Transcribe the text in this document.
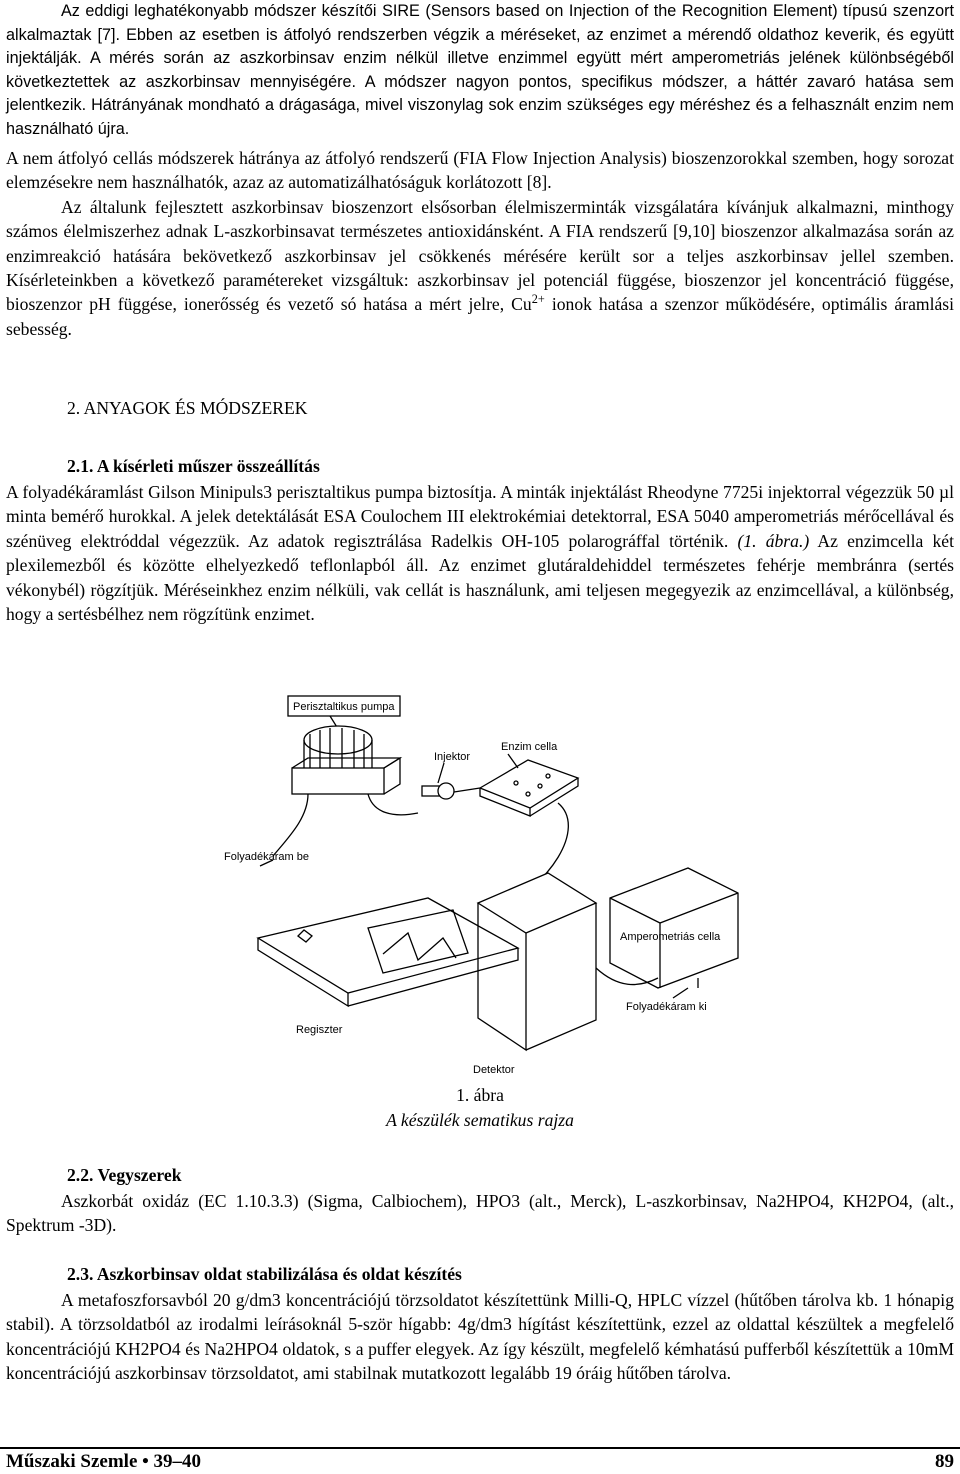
Az eddigi leghatékonyabb módszer készítői SIRE (Sensors based on Injection of the Recognition Element) típusú szenzort alkalmaztak [7]. Ebben az esetben is átfolyó rendszerben végzik a méréseket, az enzimet a mérendő oldathoz keverik, és együtt injektálják. A mérés során az aszkorbinsav enzim nélkül illetve enzimmel együtt mért amperometriás jelének különbségéből következtettek az aszkorbinsav mennyiségére. A módszer nagyon pontos, specifikus módszer, a háttér zavaró hatása sem jelentkezik. Hátrányának mondható a drágasága, mivel viszonylag sok enzim szükséges egy méréshez és a felhasznált enzim nem használható újra.

A nem átfolyó cellás módszerek hátránya az átfolyó rendszerű (FIA Flow Injection Analysis) bioszenzorokkal szemben, hogy sorozat elemzésekre nem használhatók, azaz az automatizálhatóságuk korlátozott [8].

Az általunk fejlesztett aszkorbinsav bioszenzort elsősorban élelmiszerminták vizsgálatára kívánjuk alkalmazni, minthogy számos élelmiszerhez adnak L-aszkorbinsavat természetes antioxidánsként. A FIA rendszerű [9,10] bioszenzor alkalmazása során az enzimreakció hatására bekövetkező aszkorbinsav jel csökkenés mérésére került sor a teljes aszkorbinsav jellel szemben. Kísérleteinkben a következő paramétereket vizsgáltuk: aszkorbinsav jel potenciál függése, bioszenzor jel koncentráció függése, bioszenzor pH függése, ionerősség és vezető só hatása a mért jelre, $Cu^{2+}$ ionok hatása a szenzor működésére, optimális áramlási sebesség.

2. ANYAGOK ÉS MÓDSZEREK
2.1. A kísérleti műszer összeállítás

A folyadékáramlást Gilson Minipuls3 perisztaltikus pumpa biztosítja. A minták injektálást Rheodyne 7725i injektorral végezzük 50 µl minta bemérő hurokkal. A jelek detektálását ESA Coulochem III elektrokémiai detektorral, ESA 5040 amperometriás mérőcellával és szénüveg elektróddal végezzük. Az adatok regisztrálása Radelkis OH-105 polarográffal történik. (1. ábra.) Az enzimcella két plexilemezből és közötte elhelyezkedő teflonlapból áll. Az enzimet glutáraldehiddel természetes fehérje membránra (sertés vékonybél) rögzítjük. Méréseinkhez enzim nélküli, vak cellát is használunk, ami teljesen megegyezik az enzimcellával, a különbség, hogy a sertésbélhez nem rögzítünk enzimet.

Perisztaltikus pumpa
Injektor
Enzim cella
Folyadékáram be
Amperometriás cella
Folyadékáram ki
Regiszter
Detektor
1. ábra
A készülék sematikus rajza
2.2. Vegyszerek

Aszkorbát oxidáz (EC 1.10.3.3) (Sigma, Calbiochem), HPO3 (alt., Merck), L-aszkorbinsav, Na2HPO4, KH2PO4, (alt., Spektrum -3D).

2.3. Aszkorbinsav oldat stabilizálása és oldat készítés

A metafoszforsavból 20 g/dm3 koncentrációjú törzsoldatot készítettünk Milli-Q, HPLC vízzel (hűtőben tárolva kb. 1 hónapig stabil). A törzsoldatból az irodalmi leírásoknál 5-ször hígabb: 4g/dm3 hígítást készítettünk, ezzel az oldattal készültek a megfelelő koncentrációjú KH2PO4 és Na2HPO4 oldatok, s a puffer elegyek. Az így készült, megfelelő kémhatású pufferből készítettük a 10mM koncentrációjú aszkorbinsav törzsoldatot, ami stabilnak mutatkozott legalább 19 óráig hűtőben tárolva.

Műszaki Szemle • 39–40	89
